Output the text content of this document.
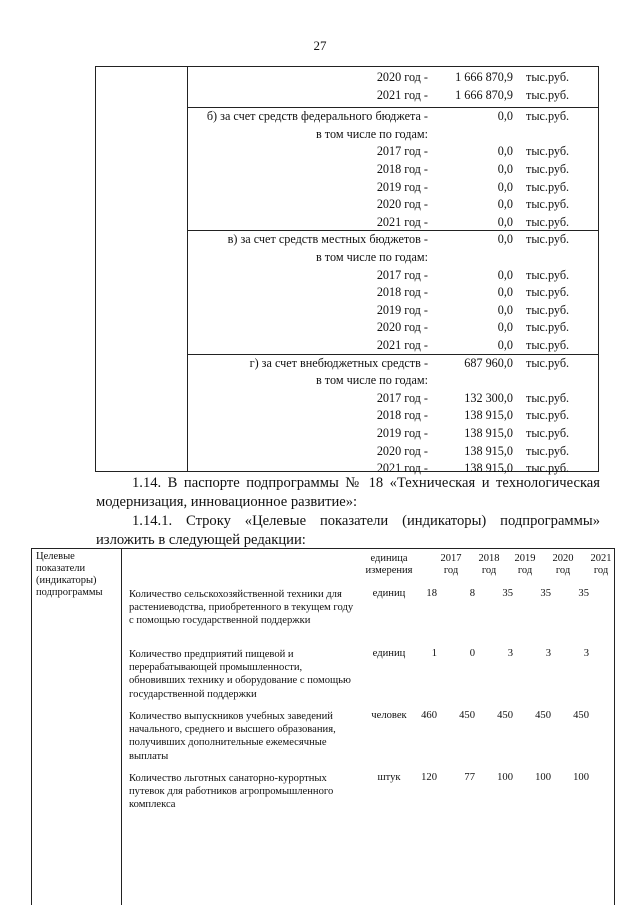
27
2020 год - 1 666 870,9 тыс.руб.
2021 год - 1 666 870,9 тыс.руб.
б) за счет средств федерального бюджета -	0,0 тыс.руб.
в том числе по годам:
2017 год -	0,0 тыс.руб.
2018 год -	0,0 тыс.руб.
2019 год -	0,0 тыс.руб.
2020 год -	0,0 тыс.руб.
2021 год -	0,0 тыс.руб.
в) за счет средств местных бюджетов -	0,0 тыс.руб.
в том числе по годам:
2017 год -	0,0 тыс.руб.
2018 год -	0,0 тыс.руб.
2019 год -	0,0 тыс.руб.
2020 год -	0,0 тыс.руб.
2021 год -	0,0 тыс.руб.
г) за счет внебюджетных средств -	687 960,0 тыс.руб.
в том числе по годам:
2017 год -	132 300,0 тыс.руб.
2018 год -	138 915,0 тыс.руб.
2019 год -	138 915,0 тыс.руб.
2020 год -	138 915,0 тыс.руб.
2021 год -	138 915,0 тыс.руб.
1.14. В паспорте подпрограммы № 18 «Техническая и технологическая
модернизация, инновационное развитие»:
1.14.1. Строку «Целевые показатели (индикаторы) подпрограммы»
изложить в следующей редакции:
Целевые показатели (индикаторы) подпрограммы
единица измерения
2017 год
2018 год
2019 год
2020 год
2021 год
Количество сельскохозяйственной техники для растениеводства, приобретенного в текущем году с помощью государственной поддержки
единиц	18	8	35	35	35
Количество предприятий пищевой и перерабатывающей промышленности, обновивших технику и оборудование с помощью государственной поддержки
единиц	1	0	3	3	3
Количество выпускников учебных заведений начального, среднего и высшего образования, получивших дополнительные ежемесячные выплаты
человек	460	450	450	450	450
Количество льготных санаторно-курортных путевок для работников агропромышленного комплекса
штук	120	77	100	100	100
